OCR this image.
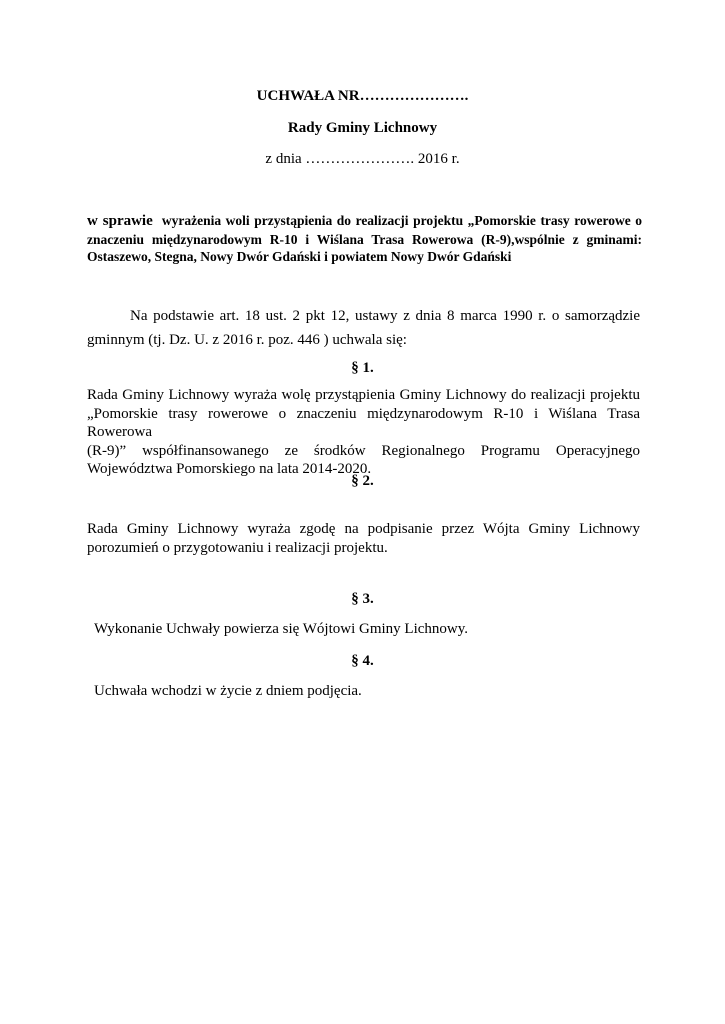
UCHWAŁA NR………………….
Rady Gminy Lichnowy
z dnia …………………. 2016 r.
w sprawie wyrażenia woli przystąpienia do realizacji projektu „Pomorskie trasy rowerowe o
znaczeniu międzynarodowym R-10 i Wiślana Trasa Rowerowa (R-9),wspólnie z gminami:
Ostaszewo, Stegna, Nowy Dwór Gdański i powiatem Nowy Dwór Gdański
Na podstawie art. 18 ust. 2 pkt 12, ustawy z dnia 8 marca 1990 r. o samorządzie
gminnym (tj. Dz. U. z 2016 r. poz. 446 ) uchwala się:
§ 1.
Rada Gminy Lichnowy wyraża wolę przystąpienia Gminy Lichnowy do realizacji projektu
„Pomorskie trasy rowerowe o znaczeniu międzynarodowym R-10 i Wiślana Trasa Rowerowa
(R-9)” współfinansowanego ze środków Regionalnego Programu Operacyjnego
Województwa Pomorskiego na lata 2014-2020.
§ 2.
Rada Gminy Lichnowy wyraża zgodę na podpisanie przez Wójta Gminy Lichnowy
porozumień o przygotowaniu i realizacji projektu.
§ 3.
Wykonanie Uchwały powierza się Wójtowi Gminy Lichnowy.
§ 4.
Uchwała wchodzi w życie z dniem podjęcia.
